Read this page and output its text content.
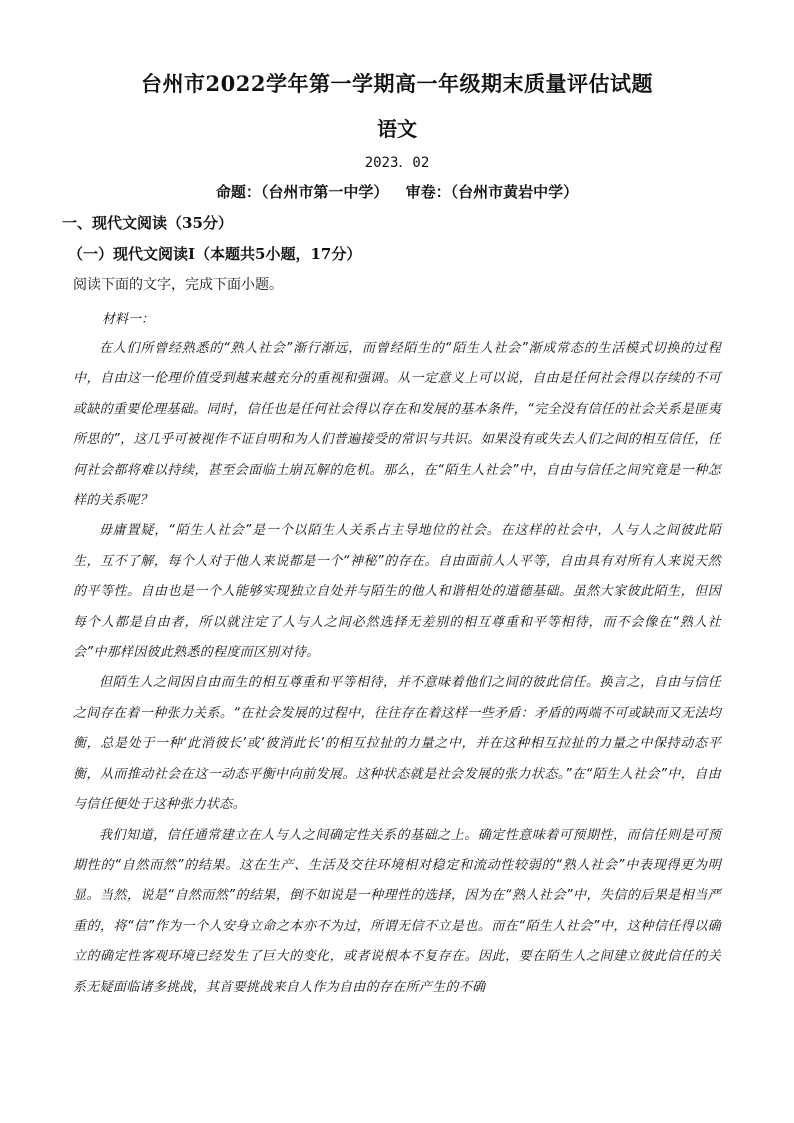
台州市2022学年第一学期高一年级期末质量评估试题
语文
2023．02
命题：（台州市第一中学） 审卷：（台州市黄岩中学）
一、现代文阅读（35分）
（一）现代文阅读Ⅰ（本题共5小题，17分）
阅读下面的文字，完成下面小题。
材料一：

在人们所曾经熟悉的“熟人社会”渐行渐远，而曾经陌生的“陌生人社会”渐成常态的生活模式切换的过程中，自由这一伦理价值受到越来越充分的重视和强调。从一定意义上可以说，自由是任何社会得以存续的不可或缺的重要伦理基础。同时，信任也是任何社会得以存在和发展的基本条件，“完全没有信任的社会关系是匪夷所思的”，这几乎可被视作不证自明和为人们普遍接受的常识与共识。如果没有或失去人们之间的相互信任，任何社会都将难以持续，甚至会面临土崩瓦解的危机。那么，在“陌生人社会”中，自由与信任之间究竟是一种怎样的关系呢？

毋庸置疑，“陌生人社会”是一个以陌生人关系占主导地位的社会。在这样的社会中，人与人之间彼此陌生，互不了解，每个人对于他人来说都是一个“神秘”的存在。自由面前人人平等，自由具有对所有人来说天然的平等性。自由也是一个人能够实现独立自处并与陌生的他人和谐相处的道德基础。虽然大家彼此陌生，但因每个人都是自由者，所以就注定了人与人之间必然选择无差别的相互尊重和平等相待，而不会像在“熟人社会”中那样因彼此熟悉的程度而区别对待。

但陌生人之间因自由而生的相互尊重和平等相待，并不意味着他们之间的彼此信任。换言之，自由与信任之间存在着一种张力关系。“在社会发展的过程中，往往存在着这样一些矛盾：矛盾的两端不可或缺而又无法均衡，总是处于一种‘此消彼长’或‘彼消此长’的相互拉扯的力量之中，并在这种相互拉扯的力量之中保持动态平衡，从而推动社会在这一动态平衡中向前发展。这种状态就是社会发展的张力状态。”在“陌生人社会”中，自由与信任便处于这种张力状态。

我们知道，信任通常建立在人与人之间确定性关系的基础之上。确定性意味着可预期性，而信任则是可预期性的“自然而然”的结果。这在生产、生活及交往环境相对稳定和流动性较弱的“熟人社会”中表现得更为明显。当然，说是“自然而然”的结果，倒不如说是一种理性的选择，因为在“熟人社会”中，失信的后果是相当严重的，将“信”作为一个人安身立命之本亦不为过，所谓无信不立是也。而在“陌生人社会”中，这种信任得以确立的确定性客观环境已经发生了巨大的变化，或者说根本不复存在。因此，要在陌生人之间建立彼此信任的关系无疑面临诸多挑战，其首要挑战来自人作为自由的存在所产生的不确
